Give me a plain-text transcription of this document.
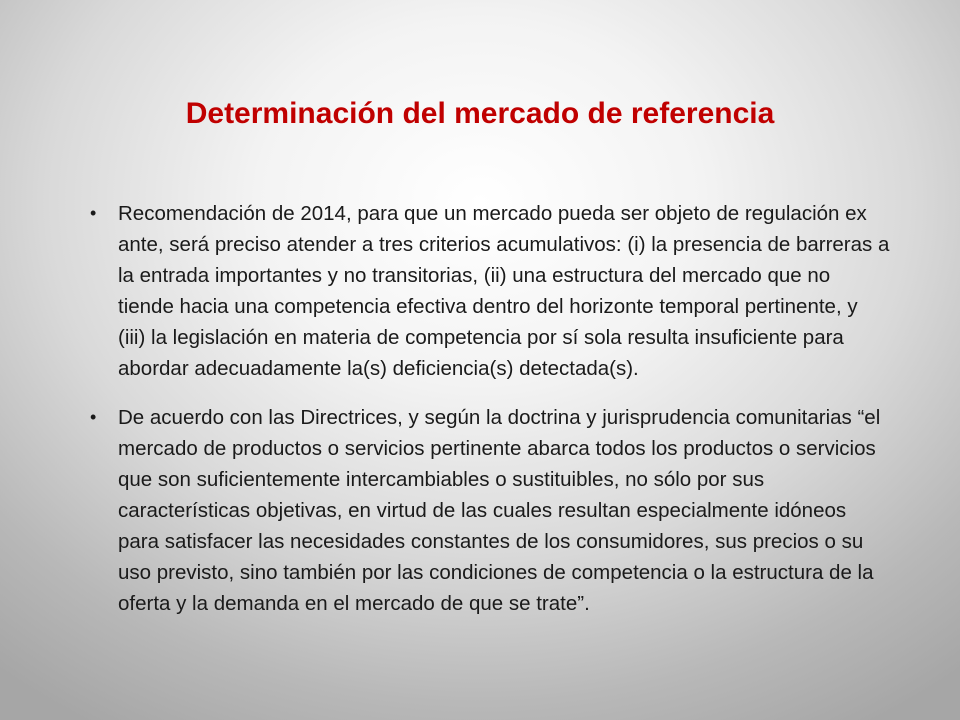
Determinación del mercado de referencia
•	Recomendación de 2014, para que un mercado pueda ser objeto de regulación ex ante, será preciso atender a tres criterios acumulativos: (i) la presencia de barreras a la entrada importantes y no transitorias, (ii) una estructura del mercado que no tiende hacia una competencia efectiva dentro del horizonte temporal pertinente, y (iii) la legislación en materia de competencia por sí sola resulta insuficiente para abordar adecuadamente la(s) deficiencia(s) detectada(s).
•	De acuerdo con las Directrices, y según la doctrina y jurisprudencia comunitarias “el mercado de productos o servicios pertinente abarca todos los productos o servicios que son suficientemente intercambiables o sustituibles, no sólo por sus características objetivas, en virtud de las cuales resultan especialmente idóneos para satisfacer las necesidades constantes de los consumidores, sus precios o su uso previsto, sino también por las condiciones de competencia o la estructura de la oferta y la demanda en el mercado de que se trate”.
